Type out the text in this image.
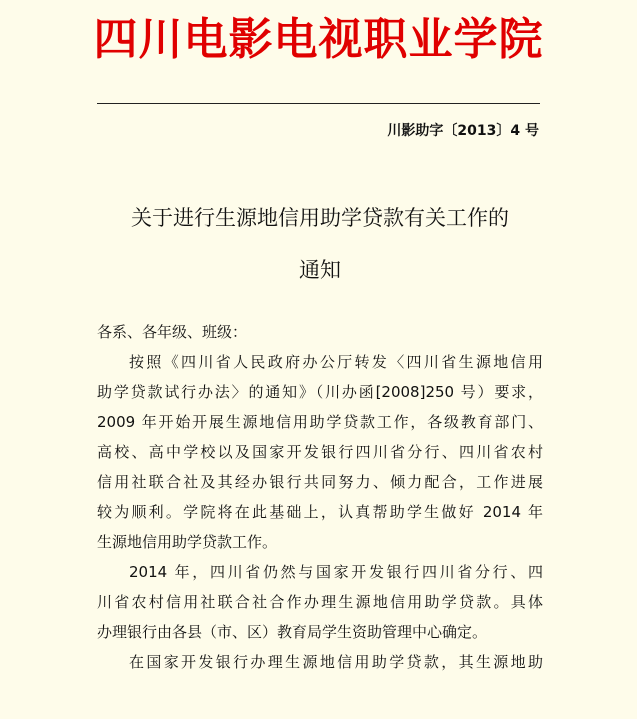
四川电影电视职业学院
川影助字〔2013〕4 号
关于进行生源地信用助学贷款有关工作的
通知
各系、各年级、班级：
按照《四川省人民政府办公厅转发〈四川省生源地信用
助学贷款试行办法〉的通知》（川办函[2008]250 号）要求，
2009 年开始开展生源地信用助学贷款工作，各级教育部门、
高校、高中学校以及国家开发银行四川省分行、四川省农村
信用社联合社及其经办银行共同努力、倾力配合，工作进展
较为顺利。学院将在此基础上，认真帮助学生做好 2014 年
生源地信用助学贷款工作。
2014 年，四川省仍然与国家开发银行四川省分行、四
川省农村信用社联合社合作办理生源地信用助学贷款。具体
办理银行由各县（市、区）教育局学生资助管理中心确定。
在国家开发银行办理生源地信用助学贷款，其生源地助
